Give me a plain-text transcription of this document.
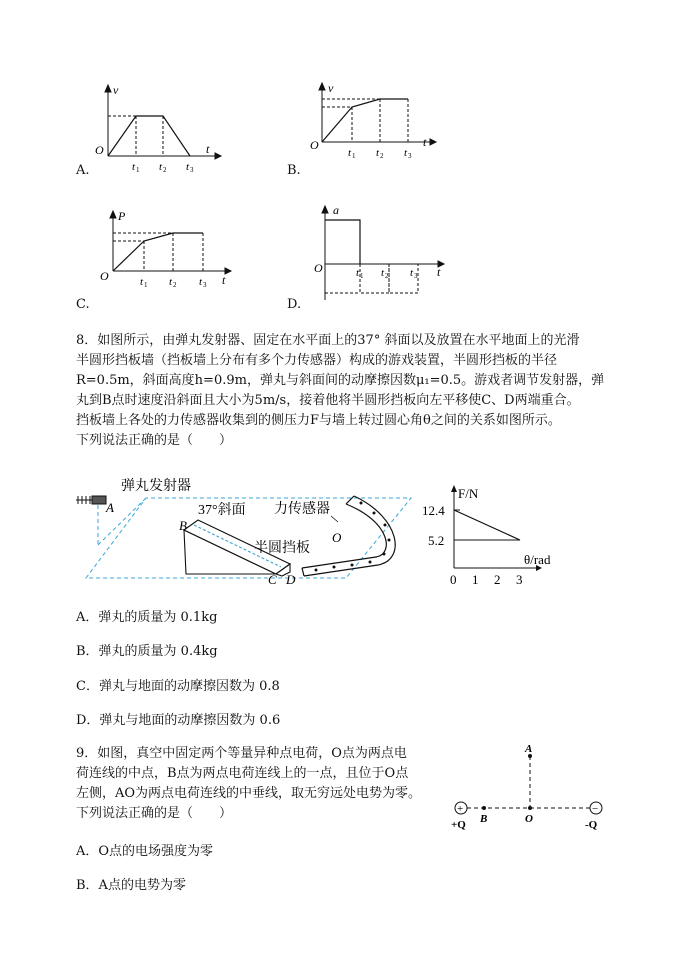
v
O	t
t 1 t 2 t 3
A.
v
O	t
t 1 t 2 t 3
B.
P
O	t
t 1 t 2 t 3
C.
a
O	t
t 1 t 2 t 3
D.
8．如图所示，由弹丸发射器、固定在水平面上的37° 斜面以及放置在水平地面上的光滑
半圆形挡板墙（挡板墙上分布有多个力传感器）构成的游戏装置，半圆形挡板的半径
R=0.5m，斜面高度h=0.9m，弹丸与斜面间的动摩擦因数μ₁=0.5。游戏者调节发射器，弹
丸到B点时速度沿斜面且大小为5m/s，接着他将半圆形挡板向左平移使C、D两端重合。
挡板墙上各处的力传感器收集到的侧压力F与墙上转过圆心角θ之间的关系如图所示。
下列说法正确的是（　　）
弹丸发射器
A
B
37°斜面 力传感器
半圆挡板
O
C D
F/N
θ/rad
12.4
5.2
0 1 2 3
A．弹丸的质量为 0.1kg
B．弹丸的质量为 0.4kg
C．弹丸与地面的动摩擦因数为 0.8
D．弹丸与地面的动摩擦因数为 0.6
9．如图，真空中固定两个等量异种点电荷，O点为两点电
荷连线的中点，B点为两点电荷连线上的一点，且位于O点
左侧，AO为两点电荷连线的中垂线，取无穷远处电势为零。
下列说法正确的是（　　）	+	−
A
B	O
+Q	-Q
A．O点的电场强度为零
B．A点的电势为零
